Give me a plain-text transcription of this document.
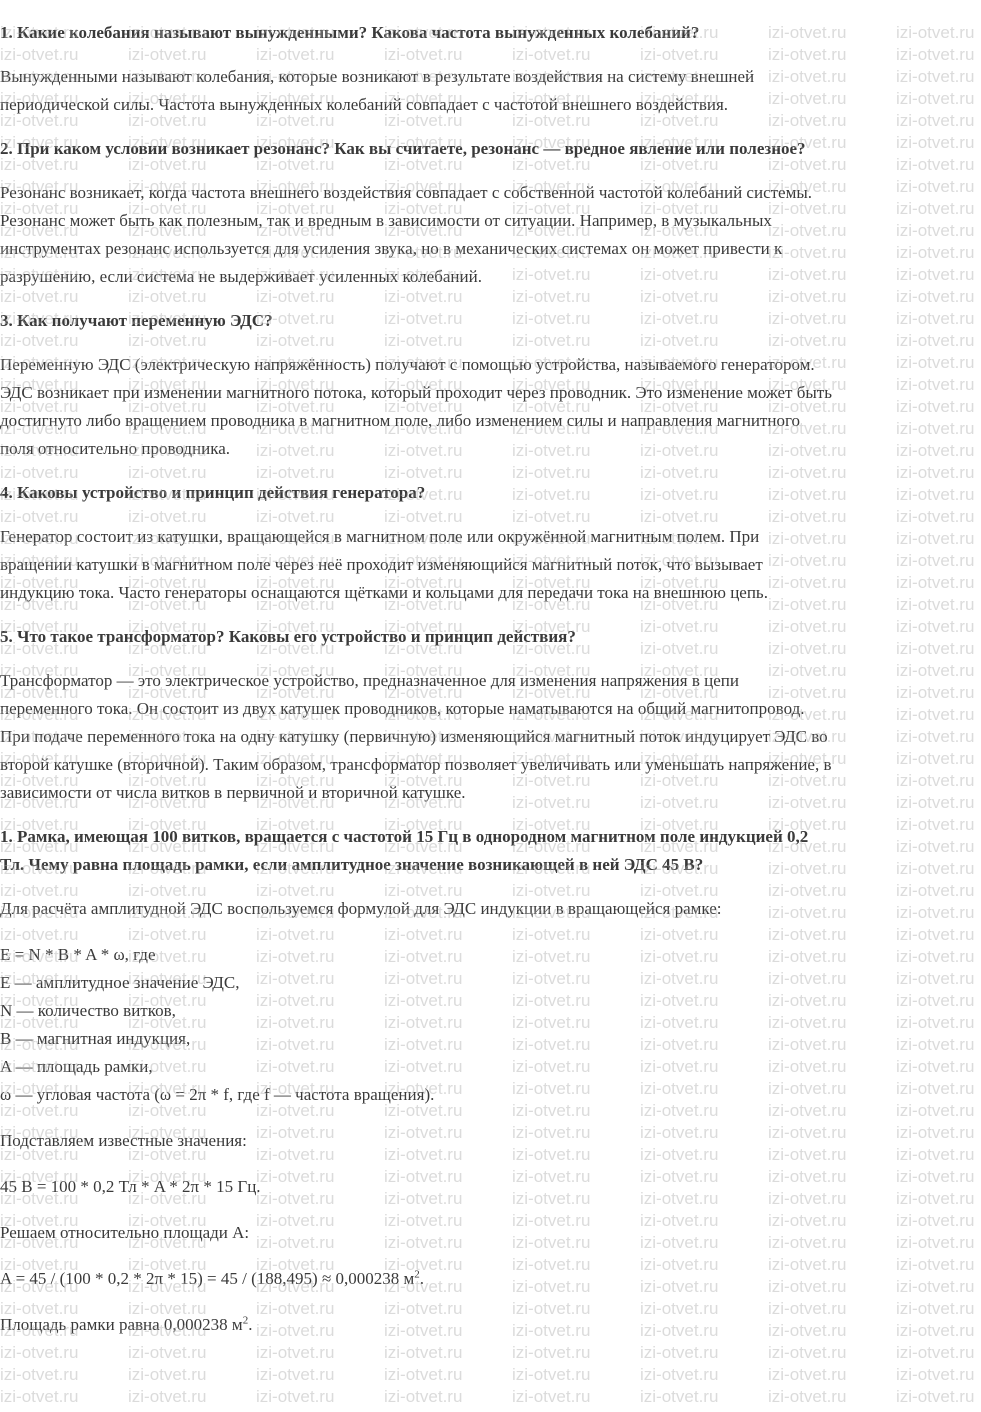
1. Какие колебания называют вынужденными? Какова частота вынужденных колебаний?
Вынужденными называют колебания, которые возникают в результате воздействия на систему внешней
периодической силы. Частота вынужденных колебаний совпадает с частотой внешнего воздействия.
2. При каком условии возникает резонанс? Как вы считаете, резонанс — вредное явление или полезное?
Резонанс возникает, когда частота внешнего воздействия совпадает с собственной частотой колебаний системы.
Резонанс может быть как полезным, так и вредным в зависимости от ситуации. Например, в музыкальных
инструментах резонанс используется для усиления звука, но в механических системах он может привести к
разрушению, если система не выдерживает усиленных колебаний.
3. Как получают переменную ЭДС?
Переменную ЭДС (электрическую напряжённость) получают с помощью устройства, называемого генератором.
ЭДС возникает при изменении магнитного потока, который проходит через проводник. Это изменение может быть
достигнуто либо вращением проводника в магнитном поле, либо изменением силы и направления магнитного
поля относительно проводника.
4. Каковы устройство и принцип действия генератора?
Генератор состоит из катушки, вращающейся в магнитном поле или окружённой магнитным полем. При
вращении катушки в магнитном поле через неё проходит изменяющийся магнитный поток, что вызывает
индукцию тока. Часто генераторы оснащаются щётками и кольцами для передачи тока на внешнюю цепь.
5. Что такое трансформатор? Каковы его устройство и принцип действия?
Трансформатор — это электрическое устройство, предназначенное для изменения напряжения в цепи
переменного тока. Он состоит из двух катушек проводников, которые наматываются на общий магнитопровод.
При подаче переменного тока на одну катушку (первичную) изменяющийся магнитный поток индуцирует ЭДС во
второй катушке (вторичной). Таким образом, трансформатор позволяет увеличивать или уменьшать напряжение, в
зависимости от числа витков в первичной и вторичной катушке.
1. Рамка, имеющая 100 витков, вращается с частотой 15 Гц в однородном магнитном поле индукцией 0,2
Тл. Чему равна площадь рамки, если амплитудное значение возникающей в ней ЭДС 45 В?
Для расчёта амплитудной ЭДС воспользуемся формулой для ЭДС индукции в вращающейся рамке:
E = N * B * A * ω, где
E — амплитудное значение ЭДС,
N — количество витков,
B — магнитная индукция,
A — площадь рамки,
ω — угловая частота (ω = 2π * f, где f — частота вращения).
Подставляем известные значения:
45 В = 100 * 0,2 Тл * A * 2π * 15 Гц.
Решаем относительно площади A:
A = 45 / (100 * 0,2 * 2π * 15) = 45 / (188,495) ≈ 0,000238 $м^2$.
Площадь рамки равна 0,000238 $м^2$.
